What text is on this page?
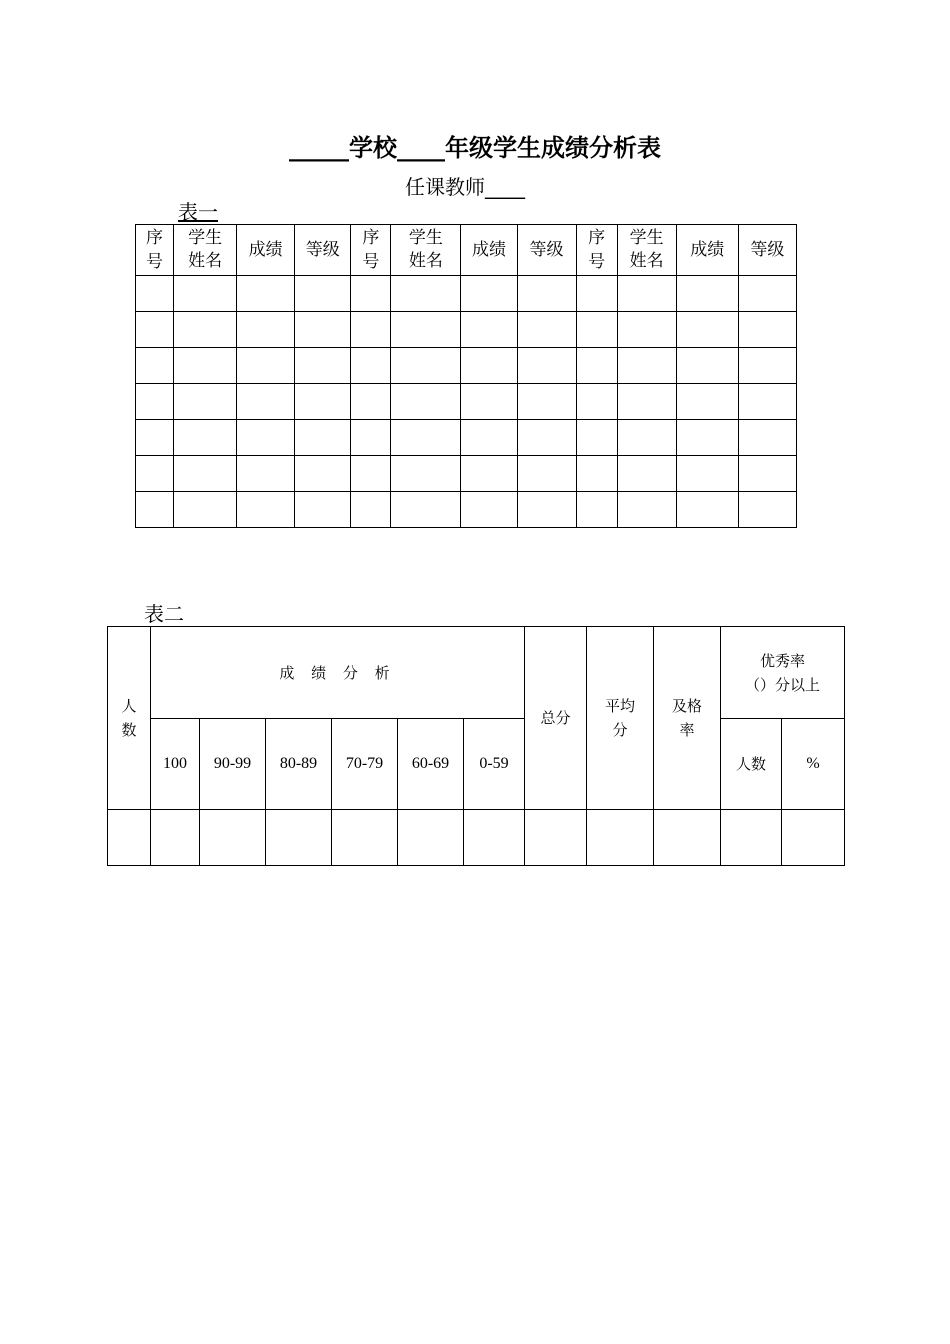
_____学校____年级学生成绩分析表
任课教师____
表一
序号	学生姓名	成绩	等级	序号	学生姓名	成绩	等级	序号	学生姓名	成绩	等级

表二
人数	成 绩 分 析						总分	平均分	及格率	优秀率
（）分以上	

	100	90-99	80-89	70-79	60-69	0-59				人数	%
